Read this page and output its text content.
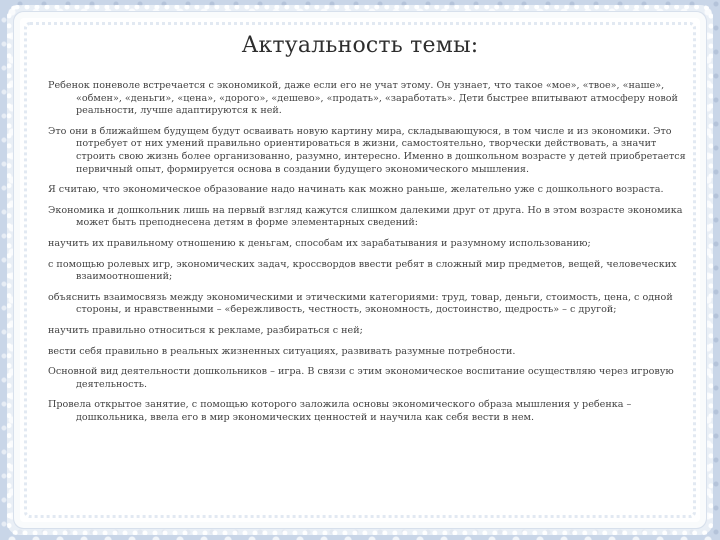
Актуальность темы:

Ребенок поневоле встречается с экономикой, даже если его не учат этому. Он узнает, что такое «мое», «твое», «наше», «обмен», «деньги», «цена», «дорого», «дешево», «продать», «заработать». Дети быстрее впитывают атмосферу новой реальности, лучше адаптируются к ней.

Это они в ближайшем будущем будут осваивать новую картину мира, складывающуюся, в том числе и из экономики. Это потребует от них умений правильно ориентироваться в жизни, самостоятельно, творчески действовать, а значит строить свою жизнь более организованно, разумно, интересно. Именно в дошкольном возрасте у детей приобретается первичный опыт, формируется основа в создании будущего экономического мышления.

Я считаю, что экономическое образование надо начинать как можно раньше, желательно уже с дошкольного возраста.

Экономика и дошкольник лишь на первый взгляд кажутся слишком далекими друг от друга. Но в этом возрасте экономика может быть преподнесена детям в форме элементарных сведений:

научить их правильному отношению к деньгам, способам их зарабатывания и разумному использованию;

с помощью ролевых игр, экономических задач, кроссвордов ввести ребят в сложный мир предметов, вещей, человеческих взаимоотношений;

объяснить взаимосвязь между экономическими и этическими категориями: труд, товар, деньги, стоимость, цена, с одной стороны, и нравственными – «бережливость, честность, экономность, достоинство, щедрость» – с другой;

научить правильно относиться к рекламе, разбираться с ней;

вести себя правильно в реальных жизненных ситуациях, развивать разумные потребности.

Основной вид деятельности дошкольников – игра. В связи с этим экономическое воспитание осуществляю через игровую деятельность.

Провела открытое занятие, с помощью которого заложила основы экономического образа мышления у ребенка – дошкольника, ввела его в мир экономических ценностей и научила как себя вести в нем.
